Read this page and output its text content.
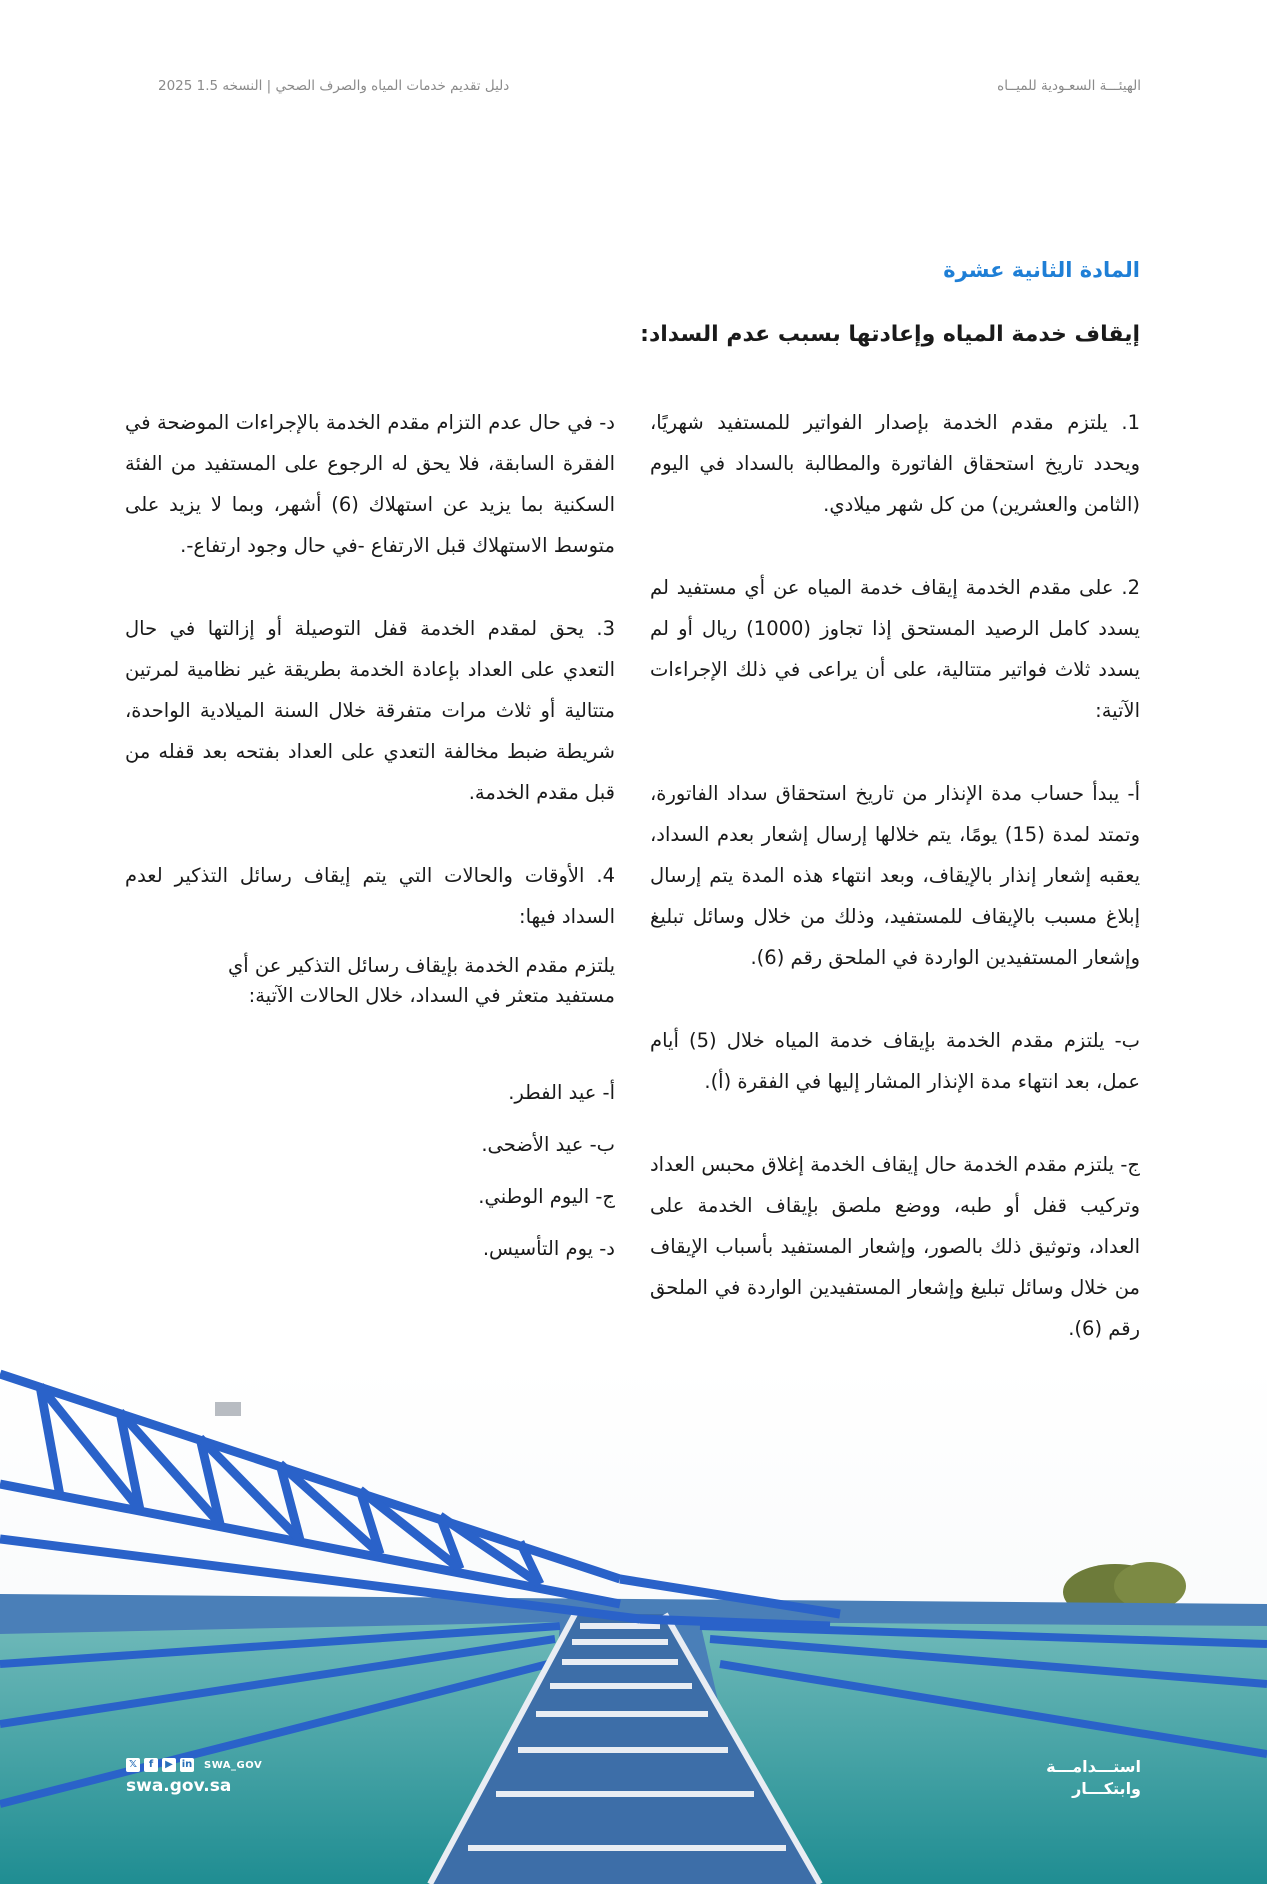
الهيئـــة السعـودية للميــاه
دليل تقديم خدمات المياه والصرف الصحي | النسخه 1.5 2025
المادة الثانية عشرة
إيقاف خدمة المياه وإعادتها بسبب عدم السداد:

1. يلتزم مقدم الخدمة بإصدار الفواتير للمستفيد شهريًا، ويحدد تاريخ استحقاق الفاتورة والمطالبة بالسداد في اليوم (الثامن والعشرين) من كل شهر ميلادي.

2. على مقدم الخدمة إيقاف خدمة المياه عن أي مستفيد لم يسدد كامل الرصيد المستحق إذا تجاوز (1000) ريال أو لم يسدد ثلاث فواتير متتالية، على أن يراعى في ذلك الإجراءات الآتية:

أ- يبدأ حساب مدة الإنذار من تاريخ استحقاق سداد الفاتورة، وتمتد لمدة (15) يومًا، يتم خلالها إرسال إشعار بعدم السداد، يعقبه إشعار إنذار بالإيقاف، وبعد انتهاء هذه المدة يتم إرسال إبلاغ مسبب بالإيقاف للمستفيد، وذلك من خلال وسائل تبليغ وإشعار المستفيدين الواردة في الملحق رقم (6).

ب- يلتزم مقدم الخدمة بإيقاف خدمة المياه خلال (5) أيام عمل، بعد انتهاء مدة الإنذار المشار إليها في الفقرة (أ).

ج- يلتزم مقدم الخدمة حال إيقاف الخدمة إغلاق محبس العداد وتركيب قفل أو طبه، ووضع ملصق بإيقاف الخدمة على العداد، وتوثيق ذلك بالصور، وإشعار المستفيد بأسباب الإيقاف من خلال وسائل تبليغ وإشعار المستفيدين الواردة في الملحق رقم (6).

د- في حال عدم التزام مقدم الخدمة بالإجراءات الموضحة في الفقرة السابقة، فلا يحق له الرجوع على المستفيد من الفئة السكنية بما يزيد عن استهلاك (6) أشهر، وبما لا يزيد على متوسط الاستهلاك قبل الارتفاع -في حال وجود ارتفاع-.

3. يحق لمقدم الخدمة قفل التوصيلة أو إزالتها في حال التعدي على العداد بإعادة الخدمة بطريقة غير نظامية لمرتين متتالية أو ثلاث مرات متفرقة خلال السنة الميلادية الواحدة، شريطة ضبط مخالفة التعدي على العداد بفتحه بعد قفله من قبل مقدم الخدمة.

4. الأوقات والحالات التي يتم إيقاف رسائل التذكير لعدم السداد فيها:

يلتزم مقدم الخدمة بإيقاف رسائل التذكير عن أي مستفيد متعثر في السداد، خلال الحالات الآتية:

أ- عيد الفطر.
ب- عيد الأضحى.
ج- اليوم الوطني.
د- يوم التأسيس.
𝕏	f	▶ in SWA_GOV
swa.gov.sa
استـــدامـــة
وابتكـــار
